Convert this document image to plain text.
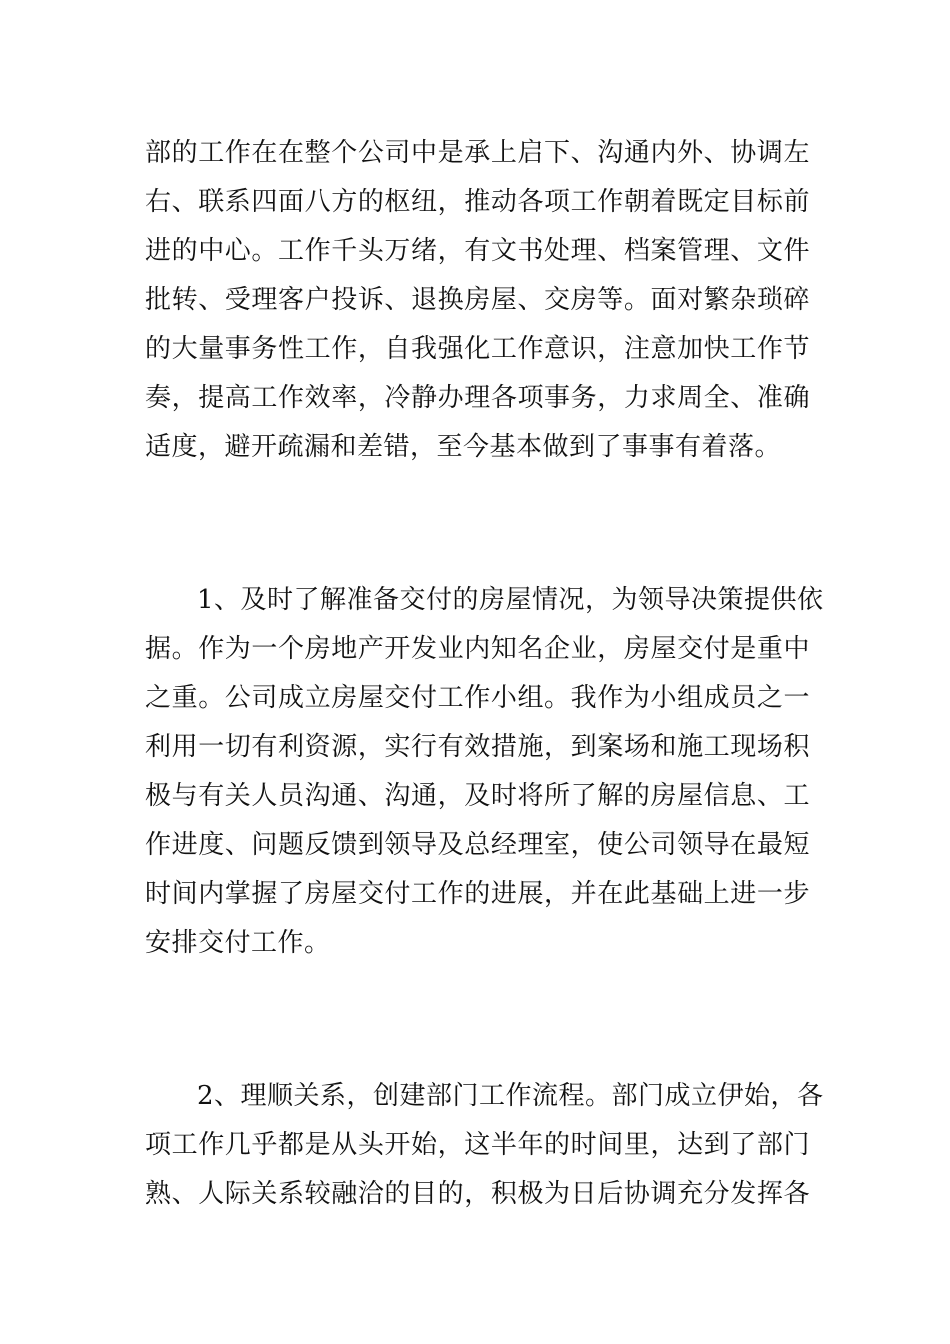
部的工作在在整个公司中是承上启下、沟通内外、协调左
右、联系四面八方的枢纽，推动各项工作朝着既定目标前
进的中心。工作千头万绪，有文书处理、档案管理、文件
批转、受理客户投诉、退换房屋、交房等。面对繁杂琐碎
的大量事务性工作，自我强化工作意识，注意加快工作节
奏，提高工作效率，冷静办理各项事务，力求周全、准确
适度，避开疏漏和差错，至今基本做到了事事有着落。

1、及时了解准备交付的房屋情况，为领导决策提供依
据。作为一个房地产开发业内知名企业，房屋交付是重中
之重。公司成立房屋交付工作小组。我作为小组成员之一
利用一切有利资源，实行有效措施，到案场和施工现场积
极与有关人员沟通、沟通，及时将所了解的房屋信息、工
作进度、问题反馈到领导及总经理室，使公司领导在最短
时间内掌握了房屋交付工作的进展，并在此基础上进一步
安排交付工作。

2、理顺关系，创建部门工作流程。部门成立伊始，各
项工作几乎都是从头开始，这半年的时间里，达到了部门
熟、人际关系较融洽的目的，积极为日后协调充分发挥各
